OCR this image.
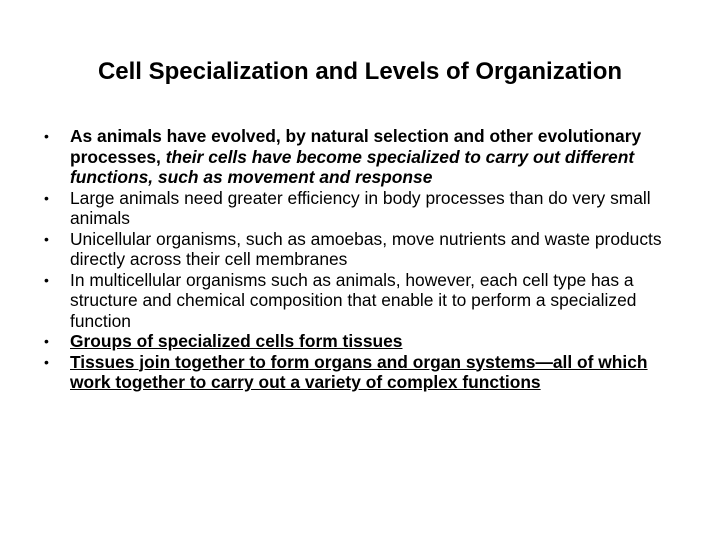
Cell Specialization and Levels of Organization
•	As animals have evolved, by natural selection and other evolutionary processes, their cells have become specialized to carry out different functions, such as movement and response
•	Large animals need greater efficiency in body processes than do very small animals
•	Unicellular organisms, such as amoebas, move nutrients and waste products directly across their cell membranes
•	In multicellular organisms such as animals, however, each cell type has a structure and chemical composition that enable it to perform a specialized function
•	Groups of specialized cells form tissues
•	Tissues join together to form organs and organ systems—all of which work together to carry out a variety of complex functions
